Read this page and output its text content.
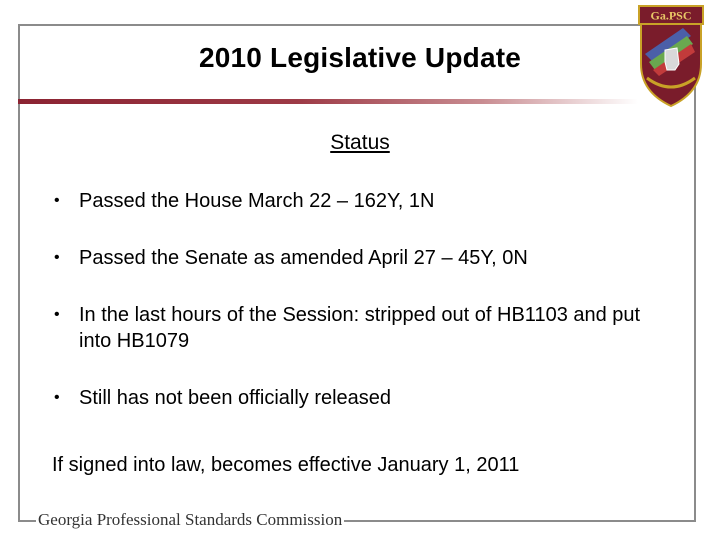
2010 Legislative Update
Ga.PSC
Status
• Passed the House March 22 – 162Y, 1N
• Passed the Senate as amended April 27 – 45Y, 0N
• In the last hours of the Session: stripped out of HB1103 and put into HB1079
• Still has not been officially released
If signed into law, becomes effective January 1, 2011
Georgia Professional Standards Commission
